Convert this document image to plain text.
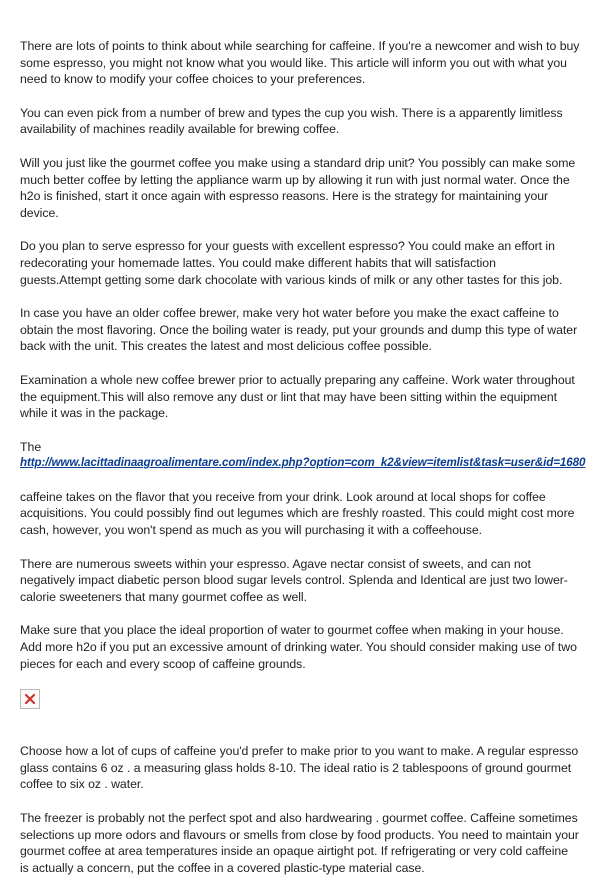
There are lots of points to think about while searching for caffeine. If you're a newcomer and wish to buy some espresso, you might not know what you would like. This article will inform you out with what you need to know to modify your coffee choices to your preferences.

You can even pick from a number of brew and types the cup you wish. There is a apparently limitless availability of machines readily available for brewing coffee.

Will you just like the gourmet coffee you make using a standard drip unit? You possibly can make some much better coffee by letting the appliance warm up by allowing it run with just normal water. Once the h2o is finished, start it once again with espresso reasons. Here is the strategy for maintaining your device.

Do you plan to serve espresso for your guests with excellent espresso? You could make an effort in redecorating your homemade lattes. You could make different habits that will satisfaction guests.Attempt getting some dark chocolate with various kinds of milk or any other tastes for this job.

In case you have an older coffee brewer, make very hot water before you make the exact caffeine to obtain the most flavoring. Once the boiling water is ready, put your grounds and dump this type of water back with the unit. This creates the latest and most delicious coffee possible.

Examination a whole new coffee brewer prior to actually preparing any caffeine. Work water throughout the equipment.This will also remove any dust or lint that may have been sitting within the equipment while it was in the package.

The
http://www.lacittadinaagroalimentare.com/index.php?option=com_k2&view=itemlist&task=user&id=1680

caffeine takes on the flavor that you receive from your drink. Look around at local shops for coffee acquisitions. You could possibly find out legumes which are freshly roasted. This could might cost more cash, however, you won't spend as much as you will purchasing it with a coffeehouse.

There are numerous sweets within your espresso. Agave nectar consist of sweets, and can not negatively impact diabetic person blood sugar levels control. Splenda and Identical are just two lower-calorie sweeteners that many gourmet coffee as well.

Make sure that you place the ideal proportion of water to gourmet coffee when making in your house. Add more h2o if you put an excessive amount of drinking water. You should consider making use of two pieces for each and every scoop of caffeine grounds.

Choose how a lot of cups of caffeine you'd prefer to make prior to you want to make. A regular espresso glass contains 6 oz . a measuring glass holds 8-10. The ideal ratio is 2 tablespoons of ground gourmet coffee to six oz . water.

The freezer is probably not the perfect spot and also hardwearing . gourmet coffee. Caffeine sometimes selections up more odors and flavours or smells from close by food products. You need to maintain your gourmet coffee at area temperatures inside an opaque airtight pot. If refrigerating or very cold caffeine is actually a concern, put the coffee in a covered plastic-type material case.
